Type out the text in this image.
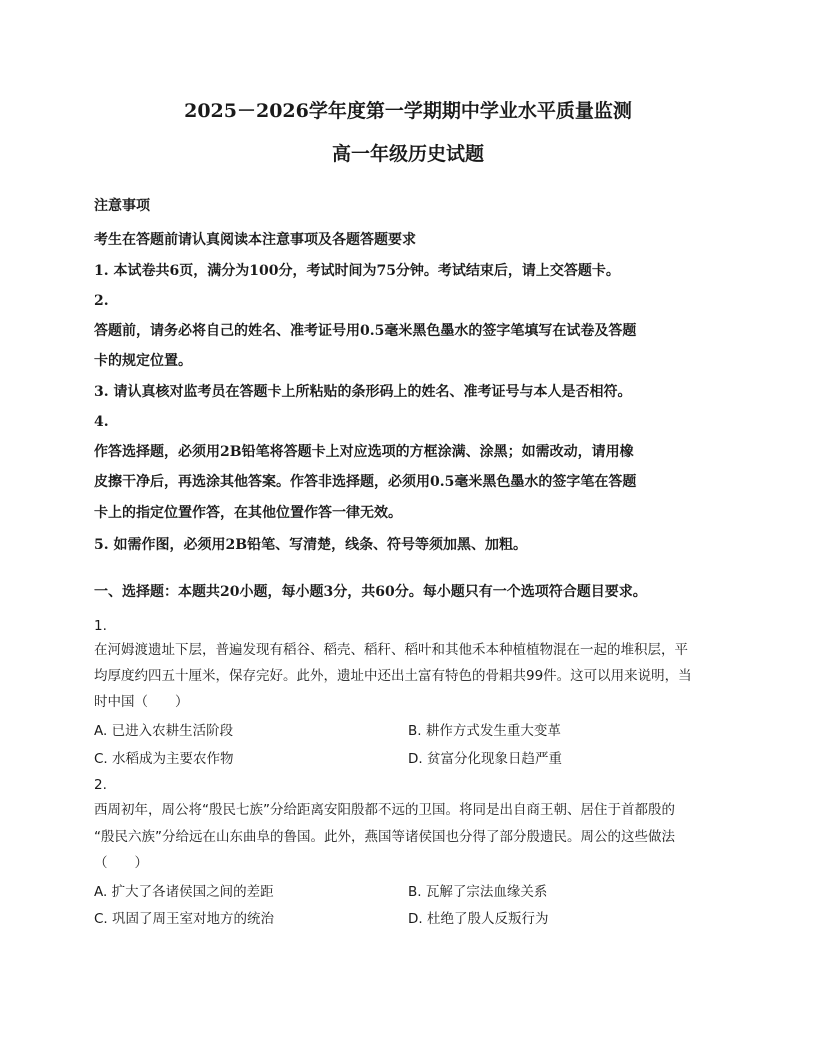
2025－2026学年度第一学期期中学业水平质量监测
高一年级历史试题
注意事项
考生在答题前请认真阅读本注意事项及各题答题要求
1. 本试卷共6页，满分为100分，考试时间为75分钟。考试结束后，请上交答题卡。
2.
答题前，请务必将自己的姓名、准考证号用0.5毫米黑色墨水的签字笔填写在试卷及答题
卡的规定位置。
3. 请认真核对监考员在答题卡上所粘贴的条形码上的姓名、准考证号与本人是否相符。
4.
作答选择题，必须用2B铅笔将答题卡上对应选项的方框涂满、涂黑；如需改动，请用橡
皮擦干净后，再选涂其他答案。作答非选择题，必须用0.5毫米黑色墨水的签字笔在答题
卡上的指定位置作答，在其他位置作答一律无效。
5. 如需作图，必须用2B铅笔、写清楚，线条、符号等须加黑、加粗。
一、选择题：本题共20小题，每小题3分，共60分。每小题只有一个选项符合题目要求。
1.
在河姆渡遗址下层，普遍发现有稻谷、稻壳、稻秆、稻叶和其他禾本种植植物混在一起的堆积层，平
均厚度约四五十厘米，保存完好。此外，遗址中还出土富有特色的骨耜共99件。这可以用来说明，当
时中国（　　）
A. 已进入农耕生活阶段	B. 耕作方式发生重大变革
C. 水稻成为主要农作物	D. 贫富分化现象日趋严重
2.
西周初年，周公将“殷民七族”分给距离安阳殷都不远的卫国。将同是出自商王朝、居住于首都殷的
“殷民六族”分给远在山东曲阜的鲁国。此外，燕国等诸侯国也分得了部分殷遗民。周公的这些做法
（　　）
A. 扩大了各诸侯国之间的差距	B. 瓦解了宗法血缘关系
C. 巩固了周王室对地方的统治	D. 杜绝了殷人反叛行为
